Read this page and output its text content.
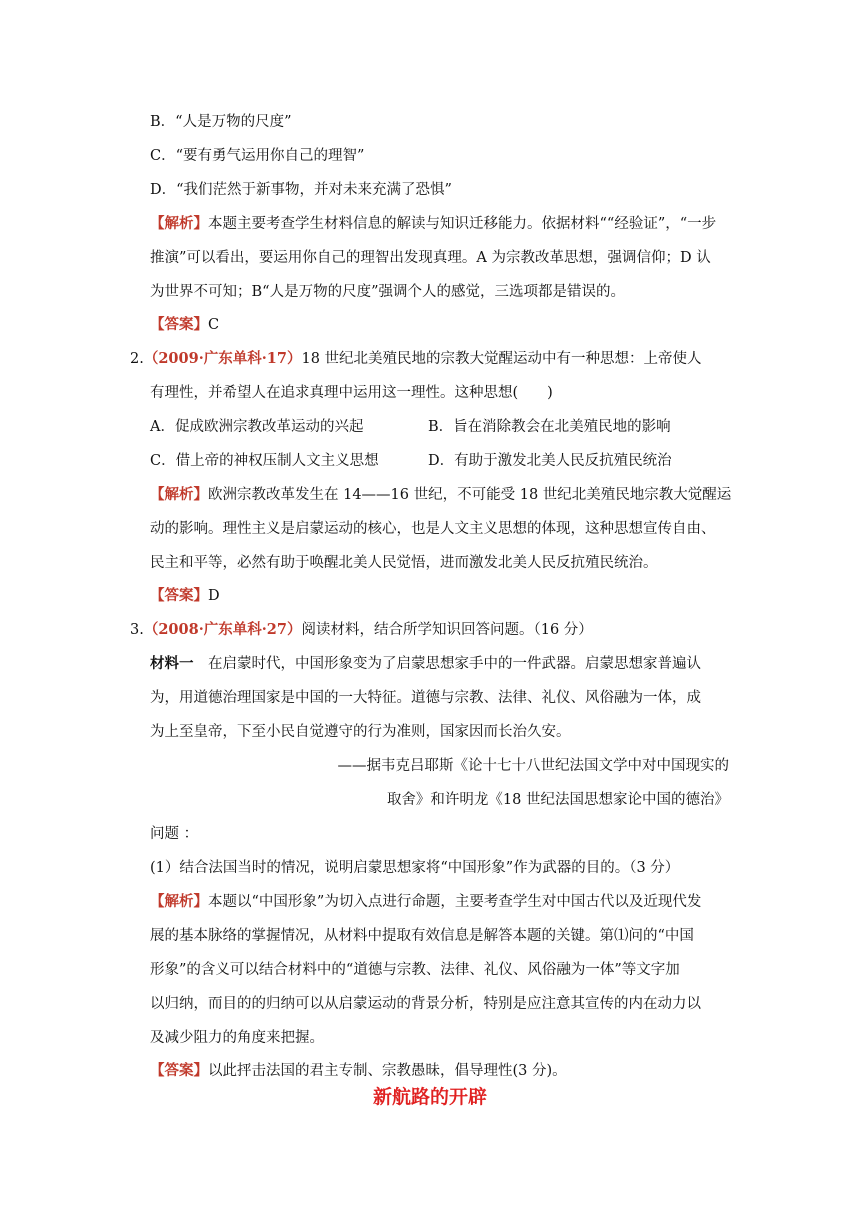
B．“人是万物的尺度”
C．“要有勇气运用你自己的理智”
D．“我们茫然于新事物，并对未来充满了恐惧”
【解析】本题主要考查学生材料信息的解读与知识迁移能力。依据材料““经验证”，“一步
推演”可以看出，要运用你自己的理智出发现真理。A 为宗教改革思想，强调信仰；D 认
为世界不可知；B“人是万物的尺度”强调个人的感觉，三选项都是错误的。
【答案】C
2.（2009·广东单科·17）18 世纪北美殖民地的宗教大觉醒运动中有一种思想：上帝使人
有理性，并希望人在追求真理中运用这一理性。这种思想(　　)
A．促成欧洲宗教改革运动的兴起	B．旨在消除教会在北美殖民地的影响
C．借上帝的神权压制人文主义思想	D．有助于激发北美人民反抗殖民统治
【解析】欧洲宗教改革发生在 14——16 世纪，不可能受 18 世纪北美殖民地宗教大觉醒运
动的影响。理性主义是启蒙运动的核心，也是人文主义思想的体现，这种思想宣传自由、
民主和平等，必然有助于唤醒北美人民觉悟，进而激发北美人民反抗殖民统治。
【答案】D
3.（2008·广东单科·27）阅读材料，结合所学知识回答问题。（16 分）
材料一　在启蒙时代，中国形象变为了启蒙思想家手中的一件武器。启蒙思想家普遍认
为，用道德治理国家是中国的一大特征。道德与宗教、法律、礼仪、风俗融为一体，成
为上至皇帝，下至小民自觉遵守的行为准则，国家因而长治久安。
——据韦克吕耶斯《论十七十八世纪法国文学中对中国现实的
取舍》和许明龙《18 世纪法国思想家论中国的德治》
问题 ：
(1）结合法国当时的情况，说明启蒙思想家将“中国形象”作为武器的目的。（3 分）
【解析】本题以“中国形象”为切入点进行命题，主要考查学生对中国古代以及近现代发
展的基本脉络的掌握情况，从材料中提取有效信息是解答本题的关键。第⑴问的“中国
形象”的含义可以结合材料中的“道德与宗教、法律、礼仪、风俗融为一体”等文字加
以归纳，而目的的归纳可以从启蒙运动的背景分析，特别是应注意其宣传的内在动力以
及减少阻力的角度来把握。
【答案】以此抨击法国的君主专制、宗教愚昧，倡导理性(3 分)。
新航路的开辟
